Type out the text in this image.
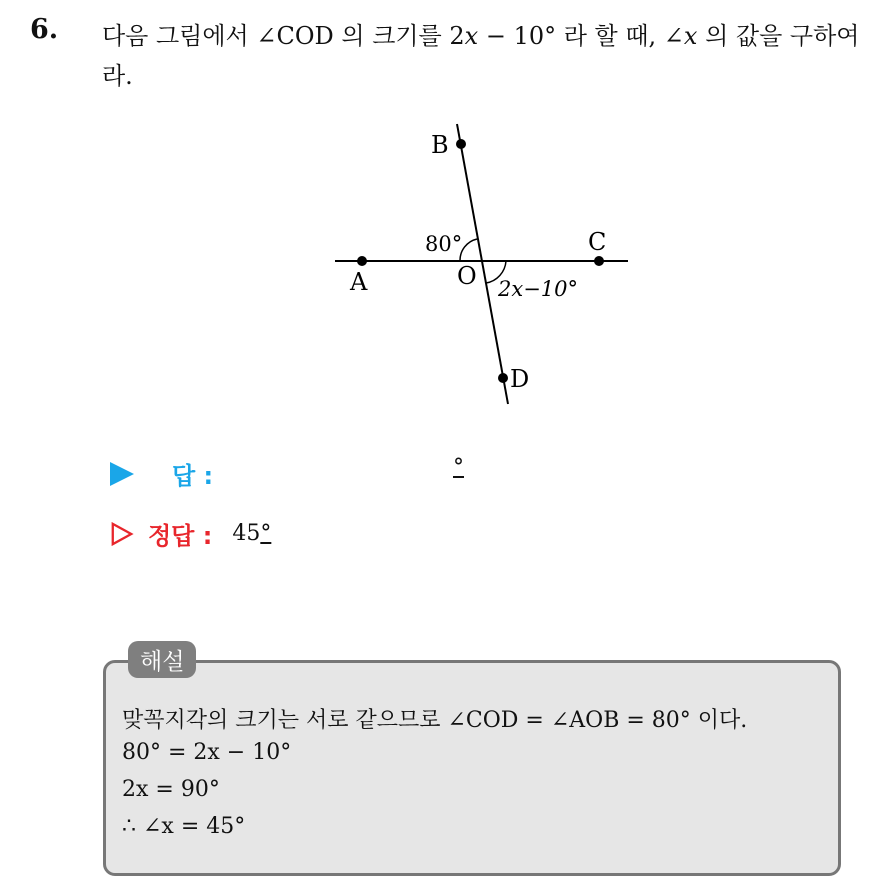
6. 다음 그림에서 ∠COD 의 크기를 2x − 10° 라 할 때, ∠x 의 값을 구하여
라.
B
C
A	O
D
80°
2x−10°
답 :	°
정답 : 45°
해설
맞꼭지각의 크기는 서로 같으므로 ∠COD = ∠AOB = 80° 이다.
80° = 2x − 10°
2x = 90°
∴ ∠x = 45°
